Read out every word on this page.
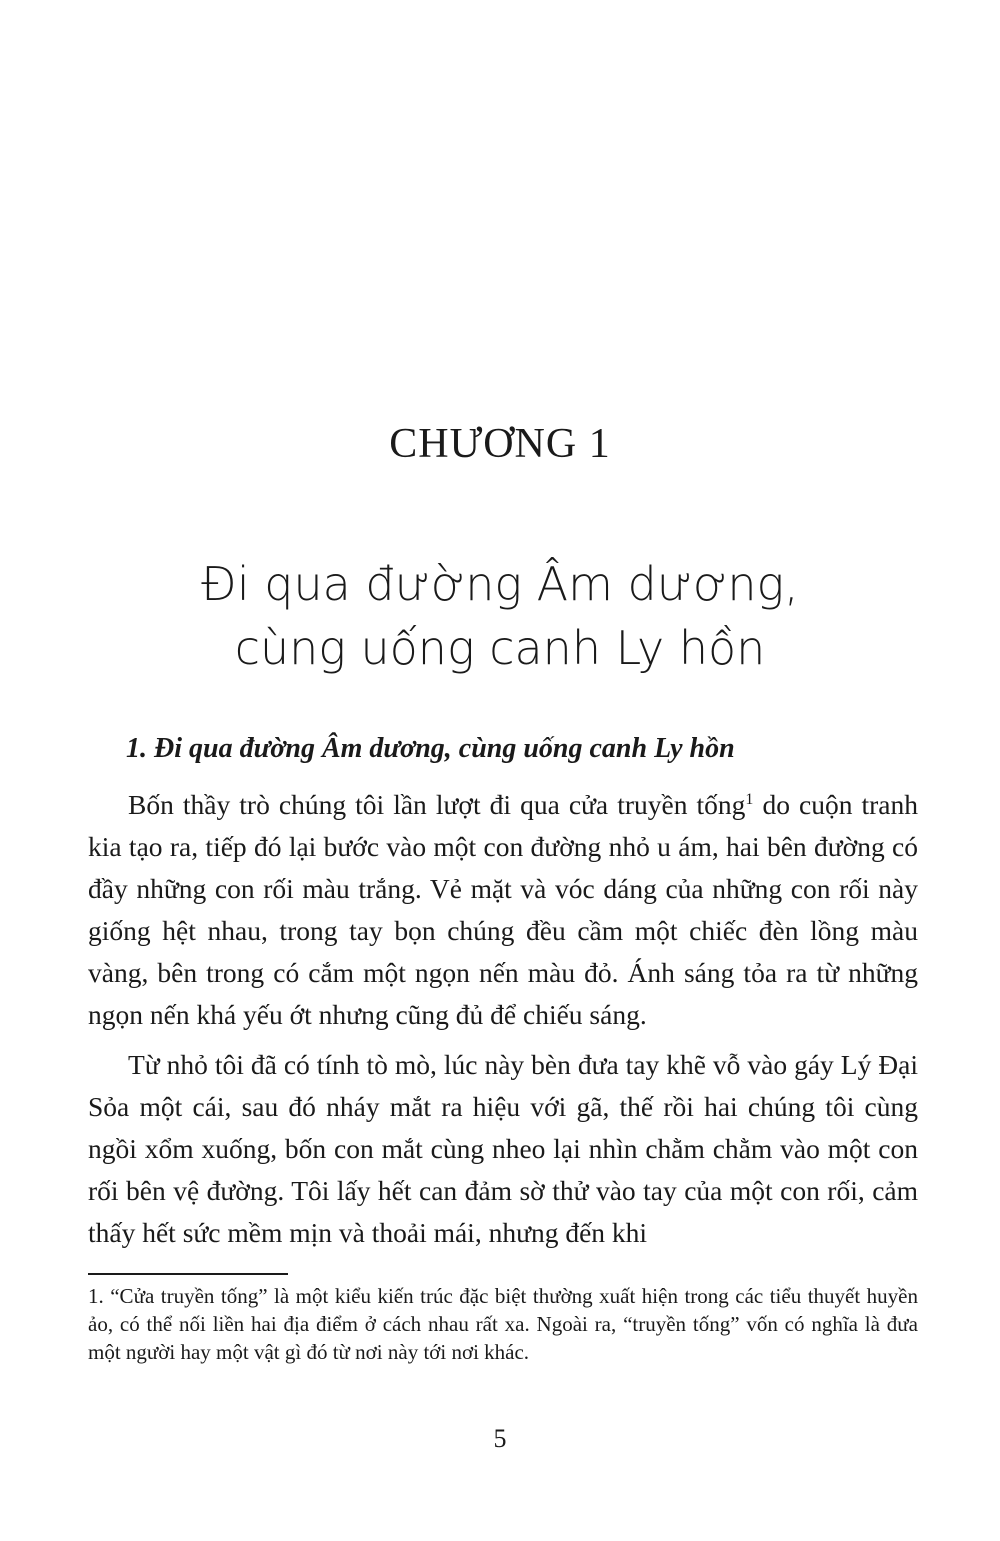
CHƯƠNG 1
Đi qua đường Âm dương,
cùng uống canh Ly hồn
1. Đi qua đường Âm dương, cùng uống canh Ly hồn

Bốn thầy trò chúng tôi lần lượt đi qua cửa truyền tống$^1$ do cuộn tranh kia tạo ra, tiếp đó lại bước vào một con đường nhỏ u ám, hai bên đường có đầy những con rối màu trắng. Vẻ mặt và vóc dáng của những con rối này giống hệt nhau, trong tay bọn chúng đều cầm một chiếc đèn lồng màu vàng, bên trong có cắm một ngọn nến màu đỏ. Ánh sáng tỏa ra từ những ngọn nến khá yếu ớt nhưng cũng đủ để chiếu sáng.

Từ nhỏ tôi đã có tính tò mò, lúc này bèn đưa tay khẽ vỗ vào gáy Lý Đại Sỏa một cái, sau đó nháy mắt ra hiệu với gã, thế rồi hai chúng tôi cùng ngồi xổm xuống, bốn con mắt cùng nheo lại nhìn chằm chằm vào một con rối bên vệ đường. Tôi lấy hết can đảm sờ thử vào tay của một con rối, cảm thấy hết sức mềm mịn và thoải mái, nhưng đến khi

1. “Cửa truyền tống” là một kiểu kiến trúc đặc biệt thường xuất hiện trong các tiểu thuyết huyền ảo, có thể nối liền hai địa điểm ở cách nhau rất xa. Ngoài ra, “truyền tống” vốn có nghĩa là đưa một người hay một vật gì đó từ nơi này tới nơi khác.
5
